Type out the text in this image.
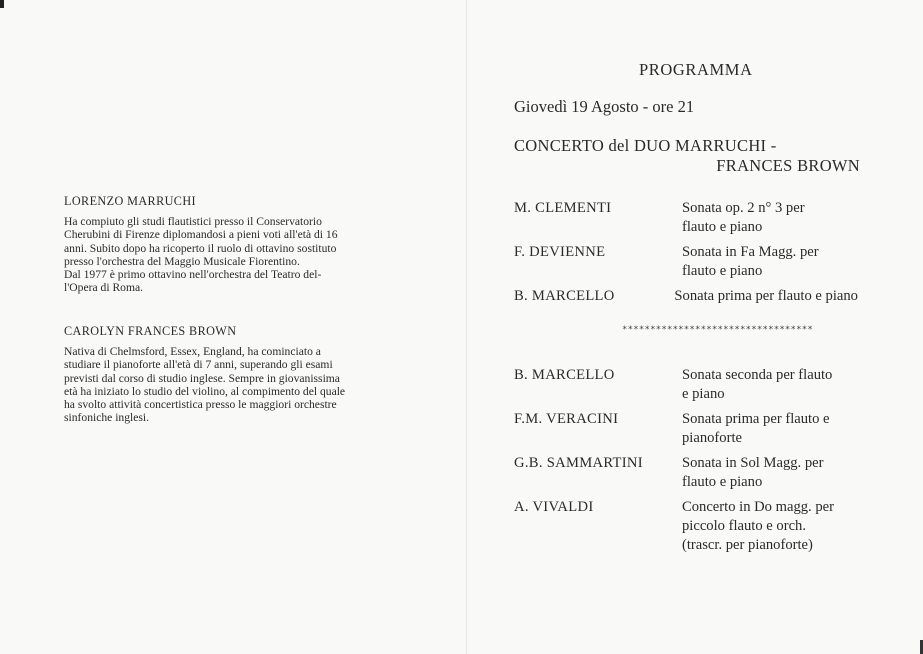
LORENZO MARRUCHI

Ha compiuto gli studi flautistici presso il Conservatorio
Cherubini di Firenze diplomandosi a pieni voti all'età di 16
anni. Subito dopo ha ricoperto il ruolo di ottavino sostituto
presso l'orchestra del Maggio Musicale Fiorentino.
Dal 1977 è primo ottavino nell'orchestra del Teatro del-
l'Opera di Roma.

CAROLYN FRANCES BROWN

Nativa di Chelmsford, Essex, England, ha cominciato a
studiare il pianoforte all'età di 7 anni, superando gli esami
previsti dal corso di studio inglese. Sempre in giovanissima
età ha iniziato lo studio del violino, al compimento del quale
ha svolto attività concertistica presso le maggiori orchestre
sinfoniche inglesi.

PROGRAMMA
Giovedì 19 Agosto - ore 21
CONCERTO del DUO MARRUCHI -
FRANCES BROWN
M. CLEMENTI	Sonata op. 2 n° 3 per
flauto e piano
F. DEVIENNE	Sonata in Fa Magg. per
flauto e piano
B. MARCELLO	Sonata prima per flauto e piano
**********************************
B. MARCELLO	Sonata seconda per flauto
e piano
F.M. VERACINI	Sonata prima per flauto e
pianoforte
G.B. SAMMARTINI	Sonata in Sol Magg. per
flauto e piano
A. VIVALDI	Concerto in Do magg. per
piccolo flauto e orch.
(trascr. per pianoforte)
